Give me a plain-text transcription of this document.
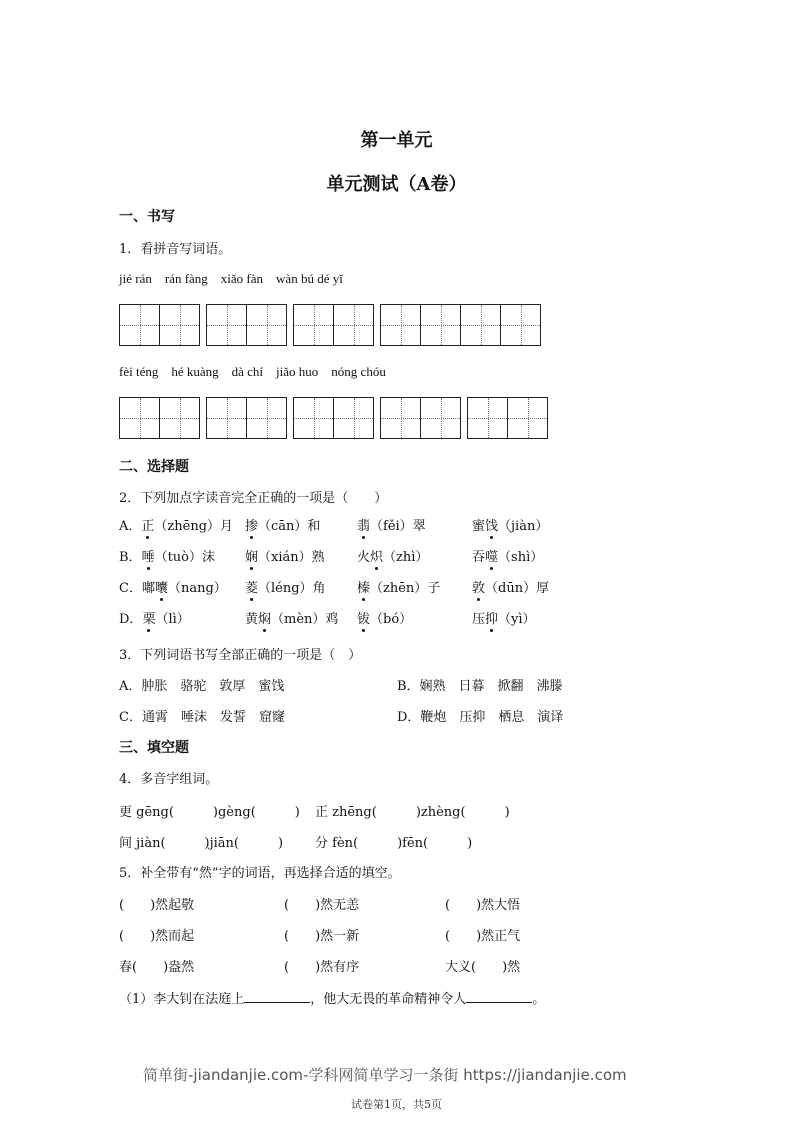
第一单元
单元测试（A卷）
一、书写
1．看拼音写词语。
jié rán rán fàng xiǎo fàn wàn bú dé yǐ
fèi téng hé kuàng dà chí jiǎo huo nóng chóu
二、选择题
2．下列加点字读音完全正确的一项是（　　）
A．正（zhēng）月 掺（cān）和	翡（fěi）翠	蜜饯（jiàn）
B．唾（tuò）沫 娴（xián）熟 火炽（zhì）	吞噬（shì）
C．嘟囔（nang） 菱（léng）角 榛（zhēn）子 敦（dūn）厚
D．栗（lì）	黄焖（mèn）鸡 钹（bó）	压抑（yì）
3．下列词语书写全部正确的一项是（　）
A．肿胀　骆驼　敦厚　蜜饯	B．娴熟　日暮　掀翻　沸滕
C．通霄　唾沫　发誓　窟窿	D．鞭炮　压抑　栖息　演译
三、填空题
4．多音字组词。
更 gēng(　　　)gèng(　　　) 正 zhēng(　　　)zhèng(　　　)
间 jiàn(　　　)jiān(　　　) 分 fèn(　　　)fēn(　　　)
5．补全带有“然”字的词语，再选择合适的填空。
(　　)然起敬	(　　)然无恙	(　　)然大悟
(　　)然而起	(　　)然一新	(　　)然正气
春(　　)盎然	(　　)然有序	大义(　　)然
（1）李大钊在法庭上	，他大无畏的革命精神令人	。
简单街-jiandanjie.com-学科网简单学习一条街 https://jiandanjie.com
试卷第1页，共5页
